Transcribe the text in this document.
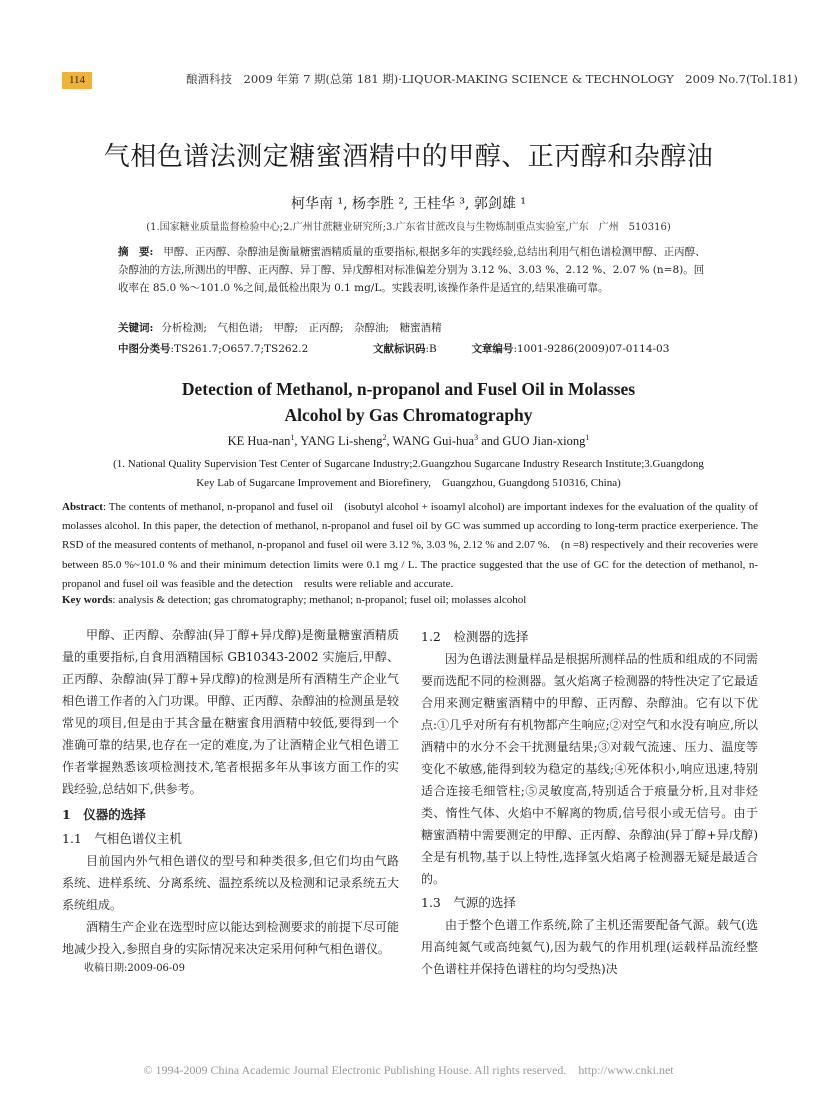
114	酿酒科技　2009 年第 7 期(总第 181 期)·LIQUOR-MAKING SCIENCE & TECHNOLOGY　2009 No.7(Tol.181)
气相色谱法测定糖蜜酒精中的甲醇、正丙醇和杂醇油
柯华南 ¹, 杨李胜 ², 王桂华 ³, 郭剑雄 ¹
(1.国家糖业质量监督检验中心;2.广州甘蔗糖业研究所;3.广东省甘蔗改良与生物炼制重点实验室,广东　广州　510316)
摘　要: 甲醇、正丙醇、杂醇油是衡量糖蜜酒精质量的重要指标,根据多年的实践经验,总结出利用气相色谱检测甲醇、正丙醇、杂醇油的方法,所测出的甲醇、正丙醇、异丁醇、异戊醇相对标准偏差分别为 3.12 %、3.03 %、2.12 %、2.07 % (n=8)。回收率在 85.0 %～101.0 %之间,最低检出限为 0.1 mg/L。实践表明,该操作条件是适宜的,结果准确可靠。
关键词: 分析检测;　气相色谱;　甲醇;　正丙醇;　杂醇油;　糖蜜酒精
中图分类号:TS261.7;O657.7;TS262.2	文献标识码:B	文章编号:1001-9286(2009)07-0114-03
Detection of Methanol, n-propanol and Fusel Oil in Molasses
Alcohol by Gas Chromatography
KE Hua-nan$^1$, YANG Li-sheng$^2$, WANG Gui-hua$^3$ and GUO Jian-xiong$^1$
(1. National Quality Supervision Test Center of Sugarcane Industry;2.Guangzhou Sugarcane Industry Research Institute;3.Guangdong
Key Lab of Sugarcane Improvement and Biorefinery,　Guangzhou, Guangdong 510316, China)
Abstract: The contents of methanol, n-propanol and fusel oil　(isobutyl alcohol + isoamyl alcohol) are important indexes for the evaluation of the quality of molasses alcohol. In this paper, the detection of methanol, n-propanol and fusel oil by GC was summed up according to long-term practice exerperience. The RSD of the measured contents of methanol, n-propanol and fusel oil were 3.12 %, 3.03 %, 2.12 % and 2.07 %.　(n =8) respectively and their recoveries were between 85.0 %~101.0 % and their minimum detection limits were 0.1 mg / L. The practice suggested that the use of GC for the detection of methanol, n-propanol and fusel oil was feasible and the detection　results were reliable and accurate.
Key words: analysis & detection; gas chromatography; methanol; n-propanol; fusel oil; molasses alcohol

甲醇、正丙醇、杂醇油(异丁醇+异戊醇)是衡量糖蜜酒精质量的重要指标,自食用酒精国标 GB10343-2002 实施后,甲醇、正丙醇、杂醇油(异丁醇+异戊醇)的检测是所有酒精生产企业气相色谱工作者的入门功课。甲醇、正丙醇、杂醇油的检测虽是较常见的项目,但是由于其含量在糖蜜食用酒精中较低,要得到一个准确可靠的结果,也存在一定的难度,为了让酒精企业气相色谱工作者掌握熟悉该项检测技术,笔者根据多年从事该方面工作的实践经验,总结如下,供参考。

1　仪器的选择
1.1　气相色谱仪主机

目前国内外气相色谱仪的型号和种类很多,但它们均由气路系统、进样系统、分离系统、温控系统以及检测和记录系统五大系统组成。

酒精生产企业在选型时应以能达到检测要求的前提下尽可能地减少投入,参照自身的实际情况来决定采用何种气相色谱仪。

收稿日期:2009-06-09
1.2　检测器的选择

因为色谱法测量样品是根据所测样品的性质和组成的不同需要而选配不同的检测器。氢火焰离子检测器的特性决定了它最适合用来测定糖蜜酒精中的甲醇、正丙醇、杂醇油。它有以下优点:①几乎对所有有机物都产生响应;②对空气和水没有响应,所以酒精中的水分不会干扰测量结果;③对载气流速、压力、温度等变化不敏感,能得到较为稳定的基线;④死体积小,响应迅速,特别适合连接毛细管柱;⑤灵敏度高,特别适合于痕量分析,且对非烃类、惰性气体、火焰中不解离的物质,信号很小或无信号。由于糖蜜酒精中需要测定的甲醇、正丙醇、杂醇油(异丁醇+异戊醇)全是有机物,基于以上特性,选择氢火焰离子检测器无疑是最适合的。

1.3　气源的选择

由于整个色谱工作系统,除了主机还需要配备气源。载气(选用高纯氮气或高纯氦气),因为载气的作用机理(运载样品流经整个色谱柱并保持色谱柱的均匀受热)决

© 1994-2009 China Academic Journal Electronic Publishing House. All rights reserved.　http://www.cnki.net
